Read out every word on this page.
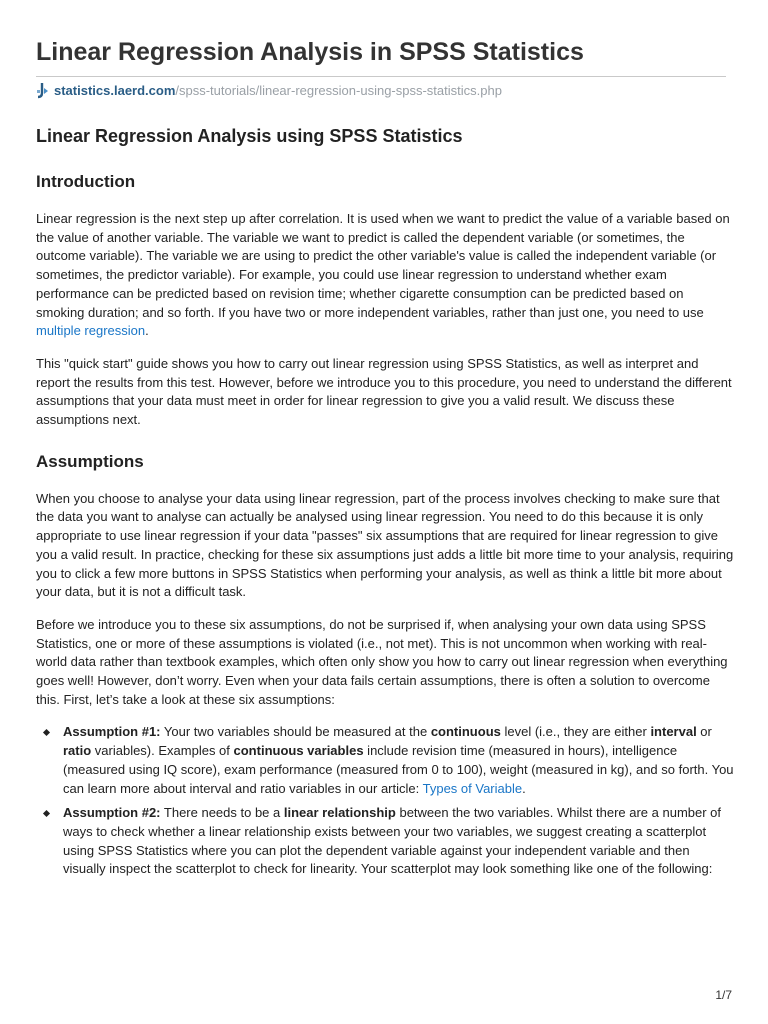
Linear Regression Analysis in SPSS Statistics
statistics.laerd.com /spss-tutorials/linear-regression-using-spss-statistics.php
Linear Regression Analysis using SPSS Statistics
Introduction

Linear regression is the next step up after correlation. It is used when we want to predict the value of a variable based on the value of another variable. The variable we want to predict is called the dependent variable (or sometimes, the outcome variable). The variable we are using to predict the other variable's value is called the independent variable (or sometimes, the predictor variable). For example, you could use linear regression to understand whether exam performance can be predicted based on revision time; whether cigarette consumption can be predicted based on smoking duration; and so forth. If you have two or more independent variables, rather than just one, you need to use multiple regression.

This "quick start" guide shows you how to carry out linear regression using SPSS Statistics, as well as interpret and report the results from this test. However, before we introduce you to this procedure, you need to understand the different assumptions that your data must meet in order for linear regression to give you a valid result. We discuss these assumptions next.

Assumptions

When you choose to analyse your data using linear regression, part of the process involves checking to make sure that the data you want to analyse can actually be analysed using linear regression. You need to do this because it is only appropriate to use linear regression if your data "passes" six assumptions that are required for linear regression to give you a valid result. In practice, checking for these six assumptions just adds a little bit more time to your analysis, requiring you to click a few more buttons in SPSS Statistics when performing your analysis, as well as think a little bit more about your data, but it is not a difficult task.

Before we introduce you to these six assumptions, do not be surprised if, when analysing your own data using SPSS Statistics, one or more of these assumptions is violated (i.e., not met). This is not uncommon when working with real-world data rather than textbook examples, which often only show you how to carry out linear regression when everything goes well! However, don’t worry. Even when your data fails certain assumptions, there is often a solution to overcome this. First, let’s take a look at these six assumptions:

Assumption #1: Your two variables should be measured at the continuous level (i.e., they are either interval or ratio variables). Examples of continuous variables include revision time (measured in hours), intelligence (measured using IQ score), exam performance (measured from 0 to 100), weight (measured in kg), and so forth. You can learn more about interval and ratio variables in our article: Types of Variable.
Assumption #2: There needs to be a linear relationship between the two variables. Whilst there are a number of ways to check whether a linear relationship exists between your two variables, we suggest creating a scatterplot using SPSS Statistics where you can plot the dependent variable against your independent variable and then visually inspect the scatterplot to check for linearity. Your scatterplot may look something like one of the following:
1/7
